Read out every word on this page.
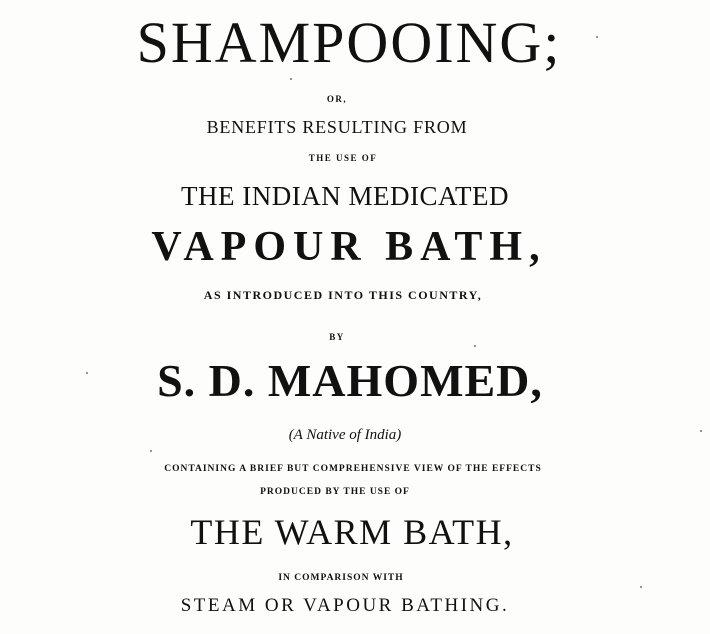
SHAMPOOING;

OR,

BENEFITS RESULTING FROM

THE USE OF

THE INDIAN MEDICATED

VAPOUR BATH,

AS INTRODUCED INTO THIS COUNTRY,

BY

S. D. MAHOMED,

(A Native of India)

CONTAINING A BRIEF BUT COMPREHENSIVE VIEW OF THE EFFECTS

PRODUCED BY THE USE OF

THE WARM BATH,

IN COMPARISON WITH

STEAM OR VAPOUR BATHING.
